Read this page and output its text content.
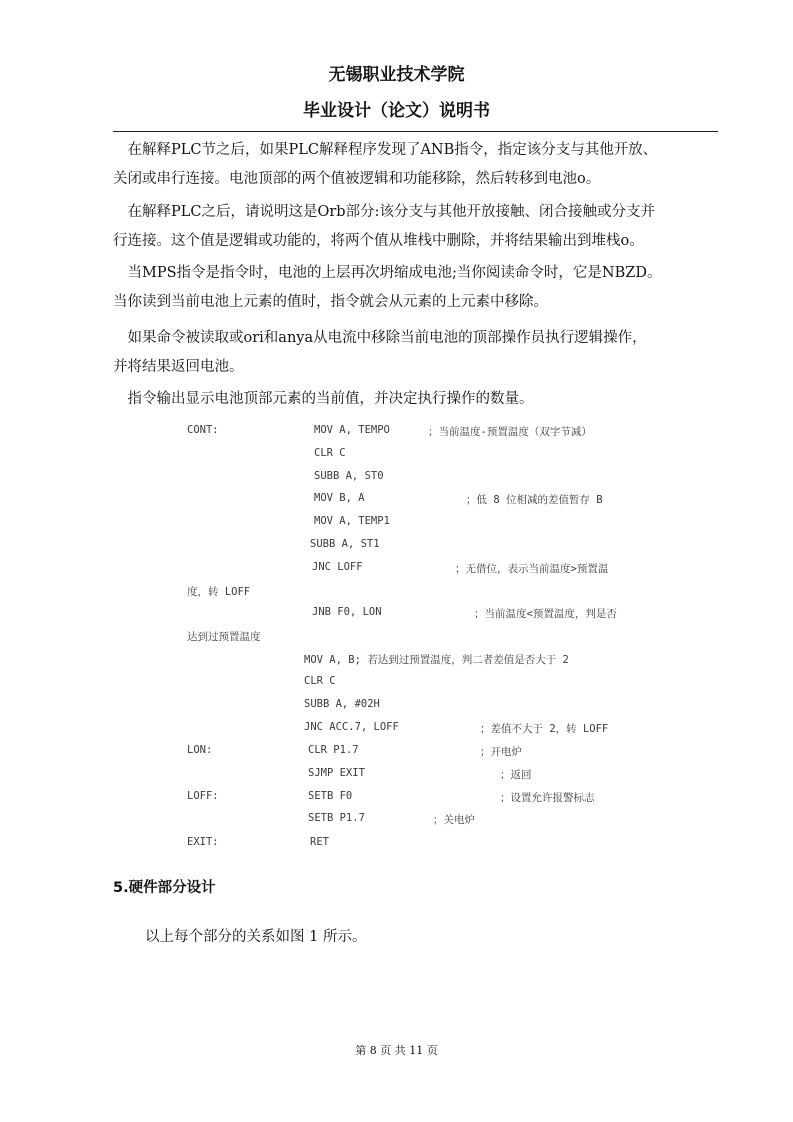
无锡职业技术学院
毕业设计（论文）说明书
　在解释PLC节之后，如果PLC解释程序发现了ANB指令，指定该分支与其他开放、
关闭或串行连接。电池顶部的两个值被逻辑和功能移除，然后转移到电池o。
　在解释PLC之后，请说明这是Orb部分:该分支与其他开放接触、闭合接触或分支并
行连接。这个值是逻辑或功能的，将两个值从堆栈中删除，并将结果输出到堆栈o。
　当MPS指令是指令时，电池的上层再次坍缩成电池;当你阅读命令时，它是NBZD。
当你读到当前电池上元素的值时，指令就会从元素的上元素中移除。
　如果命令被读取或ori和anya从电流中移除当前电池的顶部操作员执行逻辑操作，
并将结果返回电池。
　指令输出显示电池顶部元素的当前值，并决定执行操作的数量。
CONT:	MOV A, TEMPO	；当前温度-预置温度（双字节减）
CLR C
SUBB A, ST0
MOV B, A	；低 8 位相减的差值暂存 B
MOV A, TEMP1
SUBB A, ST1
JNC LOFF	；无借位，表示当前温度>预置温
度，转 LOFF
JNB F0, LON	；当前温度<预置温度，判是否
达到过预置温度
MOV A, B; 若达到过预置温度，判二者差值是否大于 2
CLR C
SUBB A, #02H
JNC ACC.7, LOFF	；差值不大于 2，转 LOFF
LON:	CLR P1.7	；开电炉
SJMP EXIT	；返回
LOFF:	SETB F0	；设置允许报警标志
SETB P1.7	；关电炉
EXIT:	RET
5.硬件部分设计
以上每个部分的关系如图 1 所示。
第 8 页 共 11 页
